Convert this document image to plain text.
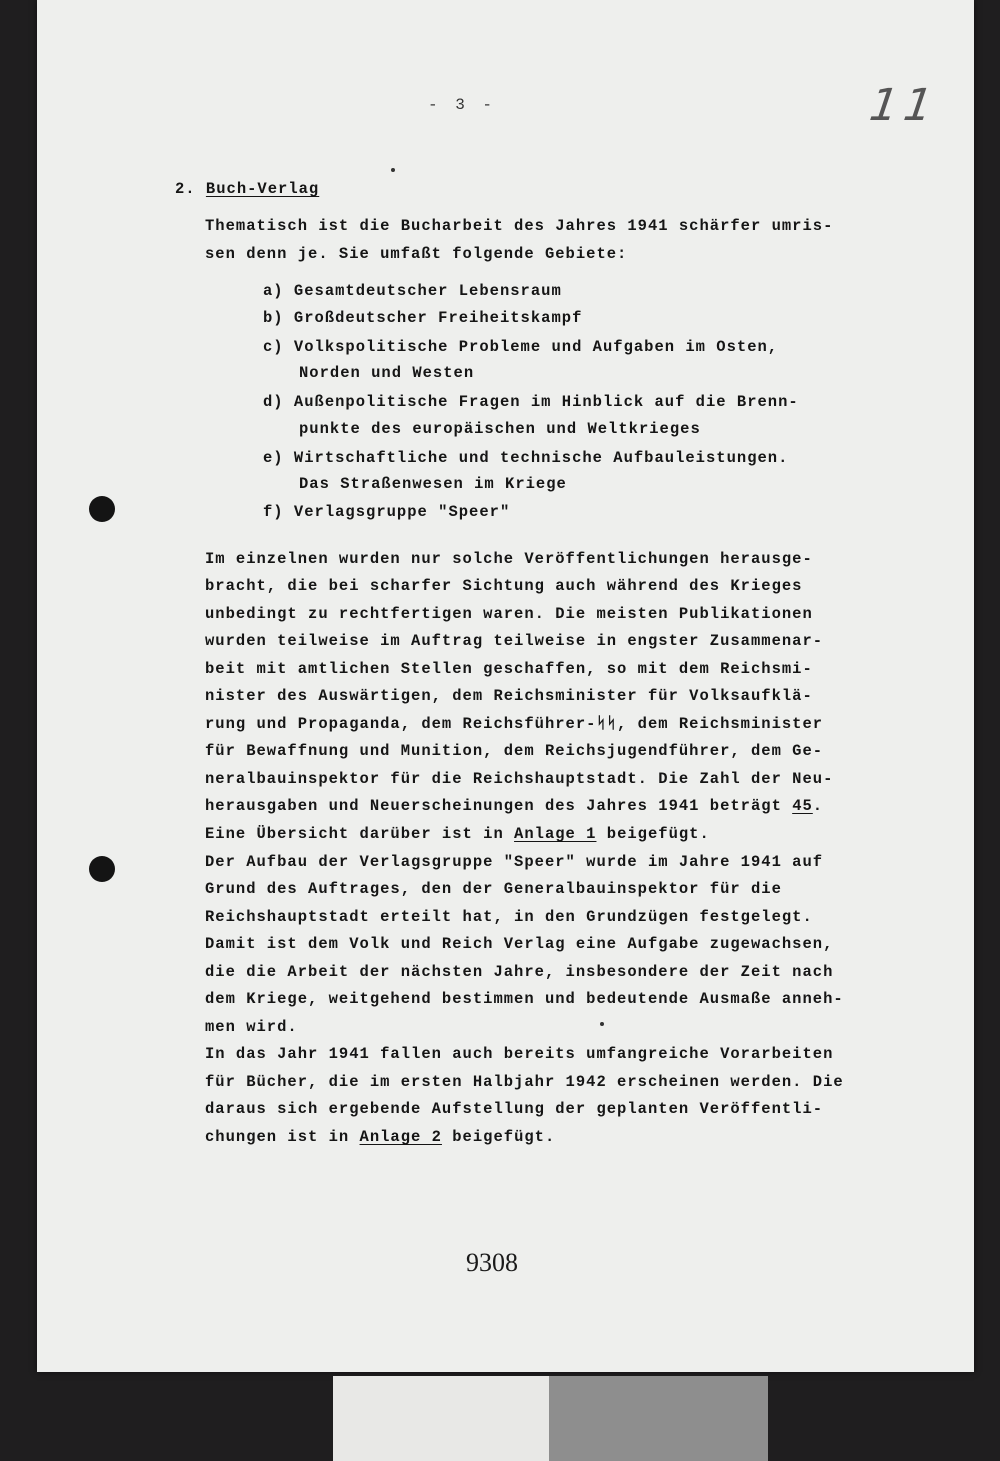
- 3 -	11

2. Buch-Verlag

Thematisch ist die Bucharbeit des Jahres 1941 schärfer umris-

sen denn je. Sie umfaßt folgende Gebiete:

a) Gesamtdeutscher Lebensraum

b) Großdeutscher Freiheitskampf

c) Volkspolitische Probleme und Aufgaben im Osten,

Norden und Westen

d) Außenpolitische Fragen im Hinblick auf die Brenn-

punkte des europäischen und Weltkrieges

e) Wirtschaftliche und technische Aufbauleistungen.

Das Straßenwesen im Kriege

f) Verlagsgruppe "Speer"

Im einzelnen wurden nur solche Veröffentlichungen herausge-

bracht, die bei scharfer Sichtung auch während des Krieges

unbedingt zu rechtfertigen waren. Die meisten Publikationen

wurden teilweise im Auftrag teilweise in engster Zusammenar-

beit mit amtlichen Stellen geschaffen, so mit dem Reichsmi-

nister des Auswärtigen, dem Reichsminister für Volksaufklä-

rung und Propaganda, dem Reichsführer-ᛋᛋ, dem Reichsminister

für Bewaffnung und Munition, dem Reichsjugendführer, dem Ge-

neralbauinspektor für die Reichshauptstadt. Die Zahl der Neu-

herausgaben und Neuerscheinungen des Jahres 1941 beträgt 45.

Eine Übersicht darüber ist in Anlage 1 beigefügt.

Der Aufbau der Verlagsgruppe "Speer" wurde im Jahre 1941 auf

Grund des Auftrages, den der Generalbauinspektor für die

Reichshauptstadt erteilt hat, in den Grundzügen festgelegt.

Damit ist dem Volk und Reich Verlag eine Aufgabe zugewachsen,

die die Arbeit der nächsten Jahre, insbesondere der Zeit nach

dem Kriege, weitgehend bestimmen und bedeutende Ausmaße anneh-

men wird.

In das Jahr 1941 fallen auch bereits umfangreiche Vorarbeiten

für Bücher, die im ersten Halbjahr 1942 erscheinen werden. Die

daraus sich ergebende Aufstellung der geplanten Veröffentli-

chungen ist in Anlage 2 beigefügt.

9308
